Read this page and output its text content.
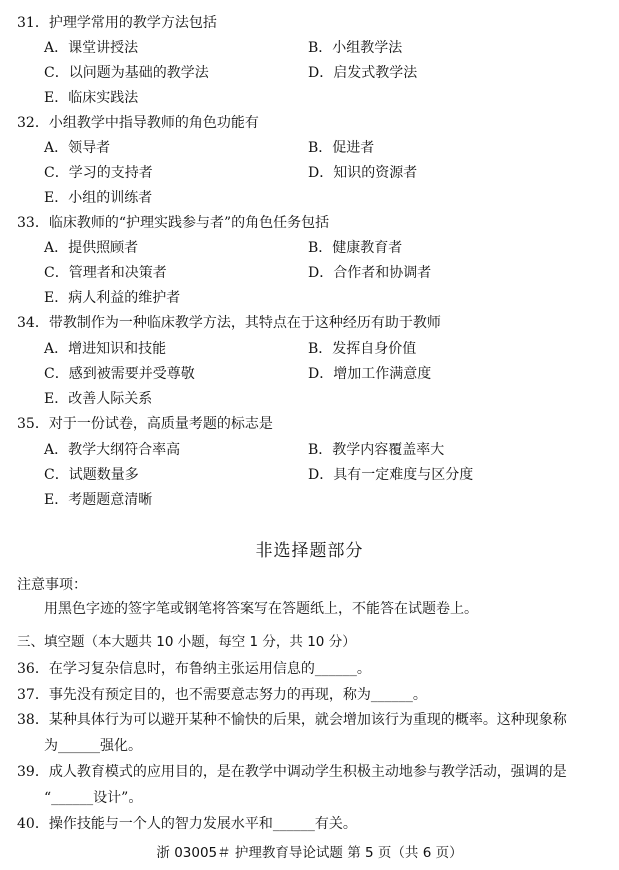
31．护理学常用的教学方法包括
A．课堂讲授法	B．小组教学法
C．以问题为基础的教学法	D．启发式教学法
E．临床实践法
32．小组教学中指导教师的角色功能有
A．领导者	B．促进者
C．学习的支持者	D．知识的资源者
E．小组的训练者
33．临床教师的“护理实践参与者”的角色任务包括
A．提供照顾者	B．健康教育者
C．管理者和决策者	D．合作者和协调者
E．病人利益的维护者
34．带教制作为一种临床教学方法，其特点在于这种经历有助于教师
A．增进知识和技能	B．发挥自身价值
C．感到被需要并受尊敬	D．增加工作满意度
E．改善人际关系
35．对于一份试卷，高质量考题的标志是
A．教学大纲符合率高	B．教学内容覆盖率大
C．试题数量多	D．具有一定难度与区分度
E．考题题意清晰
非选择题部分
注意事项：
用黑色字迹的签字笔或钢笔将答案写在答题纸上，不能答在试题卷上。
三、填空题（本大题共 10 小题，每空 1 分，共 10 分）
36．在学习复杂信息时，布鲁纳主张运用信息的______。
37．事先没有预定目的，也不需要意志努力的再现，称为______。
38．某种具体行为可以避开某种不愉快的后果，就会增加该行为重现的概率。这种现象称
为______强化。
39．成人教育模式的应用目的，是在教学中调动学生积极主动地参与教学活动，强调的是
“______设计”。
40．操作技能与一个人的智力发展水平和______有关。
浙 03005＃ 护理教育导论试题 第 5 页（共 6 页）
